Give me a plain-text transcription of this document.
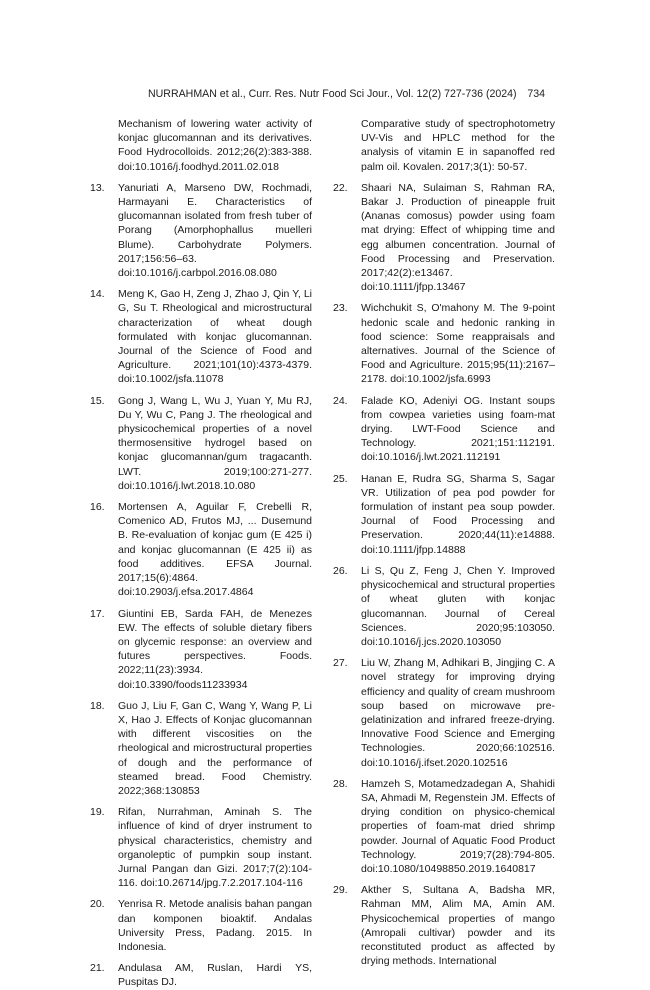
NURRAHMAN et al., Curr. Res. Nutr Food Sci Jour., Vol. 12(2) 727-736 (2024) 734
Mechanism of lowering water activity of konjac glucomannan and its derivatives. Food Hydrocolloids. 2012;26(2):383-388. doi:10.1016/j.foodhyd.2011.02.018
13. Yanuriati A, Marseno DW, Rochmadi, Harmayani E. Characteristics of glucomannan isolated from fresh tuber of Porang (Amorphophallus muelleri Blume). Carbohydrate Polymers. 2017;156:56–63. doi:10.1016/j.carbpol.2016.08.080
14. Meng K, Gao H, Zeng J, Zhao J, Qin Y, Li G, Su T. Rheological and microstructural characterization of wheat dough formulated with konjac glucomannan. Journal of the Science of Food and Agriculture. 2021;101(10):4373-4379. doi:10.1002/jsfa.11078
15. Gong J, Wang L, Wu J, Yuan Y, Mu RJ, Du Y, Wu C, Pang J. The rheological and physicochemical properties of a novel thermosensitive hydrogel based on konjac glucomannan/gum tragacanth. LWT. 2019;100:271-277. doi:10.1016/j.lwt.2018.10.080
16. Mortensen A, Aguilar F, Crebelli R, Comenico AD, Frutos MJ, ... Dusemund B. Re-evaluation of konjac gum (E 425 i) and konjac glucomannan (E 425 ii) as food additives. EFSA Journal. 2017;15(6):4864. doi:10.2903/j.efsa.2017.4864
17. Giuntini EB, Sarda FAH, de Menezes EW. The effects of soluble dietary fibers on glycemic response: an overview and futures perspectives. Foods. 2022;11(23):3934. doi:10.3390/foods11233934
18. Guo J, Liu F, Gan C, Wang Y, Wang P, Li X, Hao J. Effects of Konjac glucomannan with different viscosities on the rheological and microstructural properties of dough and the performance of steamed bread. Food Chemistry. 2022;368:130853
19. Rifan, Nurrahman, Aminah S. The influence of kind of dryer instrument to physical characteristics, chemistry and organoleptic of pumpkin soup instant. Jurnal Pangan dan Gizi. 2017;7(2):104-116. doi:10.26714/jpg.7.2.2017.104-116
20. Yenrisa R. Metode analisis bahan pangan dan komponen bioaktif. Andalas University Press, Padang. 2015. In Indonesia.
21. Andulasa AM, Ruslan, Hardi YS, Puspitas DJ.
Comparative study of spectrophotometry UV-Vis and HPLC method for the analysis of vitamin E in sapanoffed red palm oil. Kovalen. 2017;3(1): 50-57.
22. Shaari NA, Sulaiman S, Rahman RA, Bakar J. Production of pineapple fruit (Ananas comosus) powder using foam mat drying: Effect of whipping time and egg albumen concentration. Journal of Food Processing and Preservation. 2017;42(2):e13467. doi:10.1111/jfpp.13467
23. Wichchukit S, O'mahony M. The 9-point hedonic scale and hedonic ranking in food science: Some reappraisals and alternatives. Journal of the Science of Food and Agriculture. 2015;95(11):2167–2178. doi:10.1002/jsfa.6993
24. Falade KO, Adeniyi OG. Instant soups from cowpea varieties using foam-mat drying. LWT-Food Science and Technology. 2021;151:112191. doi:10.1016/j.lwt.2021.112191
25. Hanan E, Rudra SG, Sharma S, Sagar VR. Utilization of pea pod powder for formulation of instant pea soup powder. Journal of Food Processing and Preservation. 2020;44(11):e14888. doi:10.1111/jfpp.14888
26. Li S, Qu Z, Feng J, Chen Y. Improved physicochemical and structural properties of wheat gluten with konjac glucomannan. Journal of Cereal Sciences. 2020;95:103050. doi:10.1016/j.jcs.2020.103050
27. Liu W, Zhang M, Adhikari B, Jingjing C. A novel strategy for improving drying efficiency and quality of cream mushroom soup based on microwave pre-gelatinization and infrared freeze-drying. Innovative Food Science and Emerging Technologies. 2020;66:102516. doi:10.1016/j.ifset.2020.102516
28. Hamzeh S, Motamedzadegan A, Shahidi SA, Ahmadi M, Regenstein JM. Effects of drying condition on physico-chemical properties of foam-mat dried shrimp powder. Journal of Aquatic Food Product Technology. 2019;7(28):794-805. doi:10.1080/10498850.2019.1640817
29. Akther S, Sultana A, Badsha MR, Rahman MM, Alim MA, Amin AM. Physicochemical properties of mango (Amropali cultivar) powder and its reconstituted product as affected by drying methods. International
